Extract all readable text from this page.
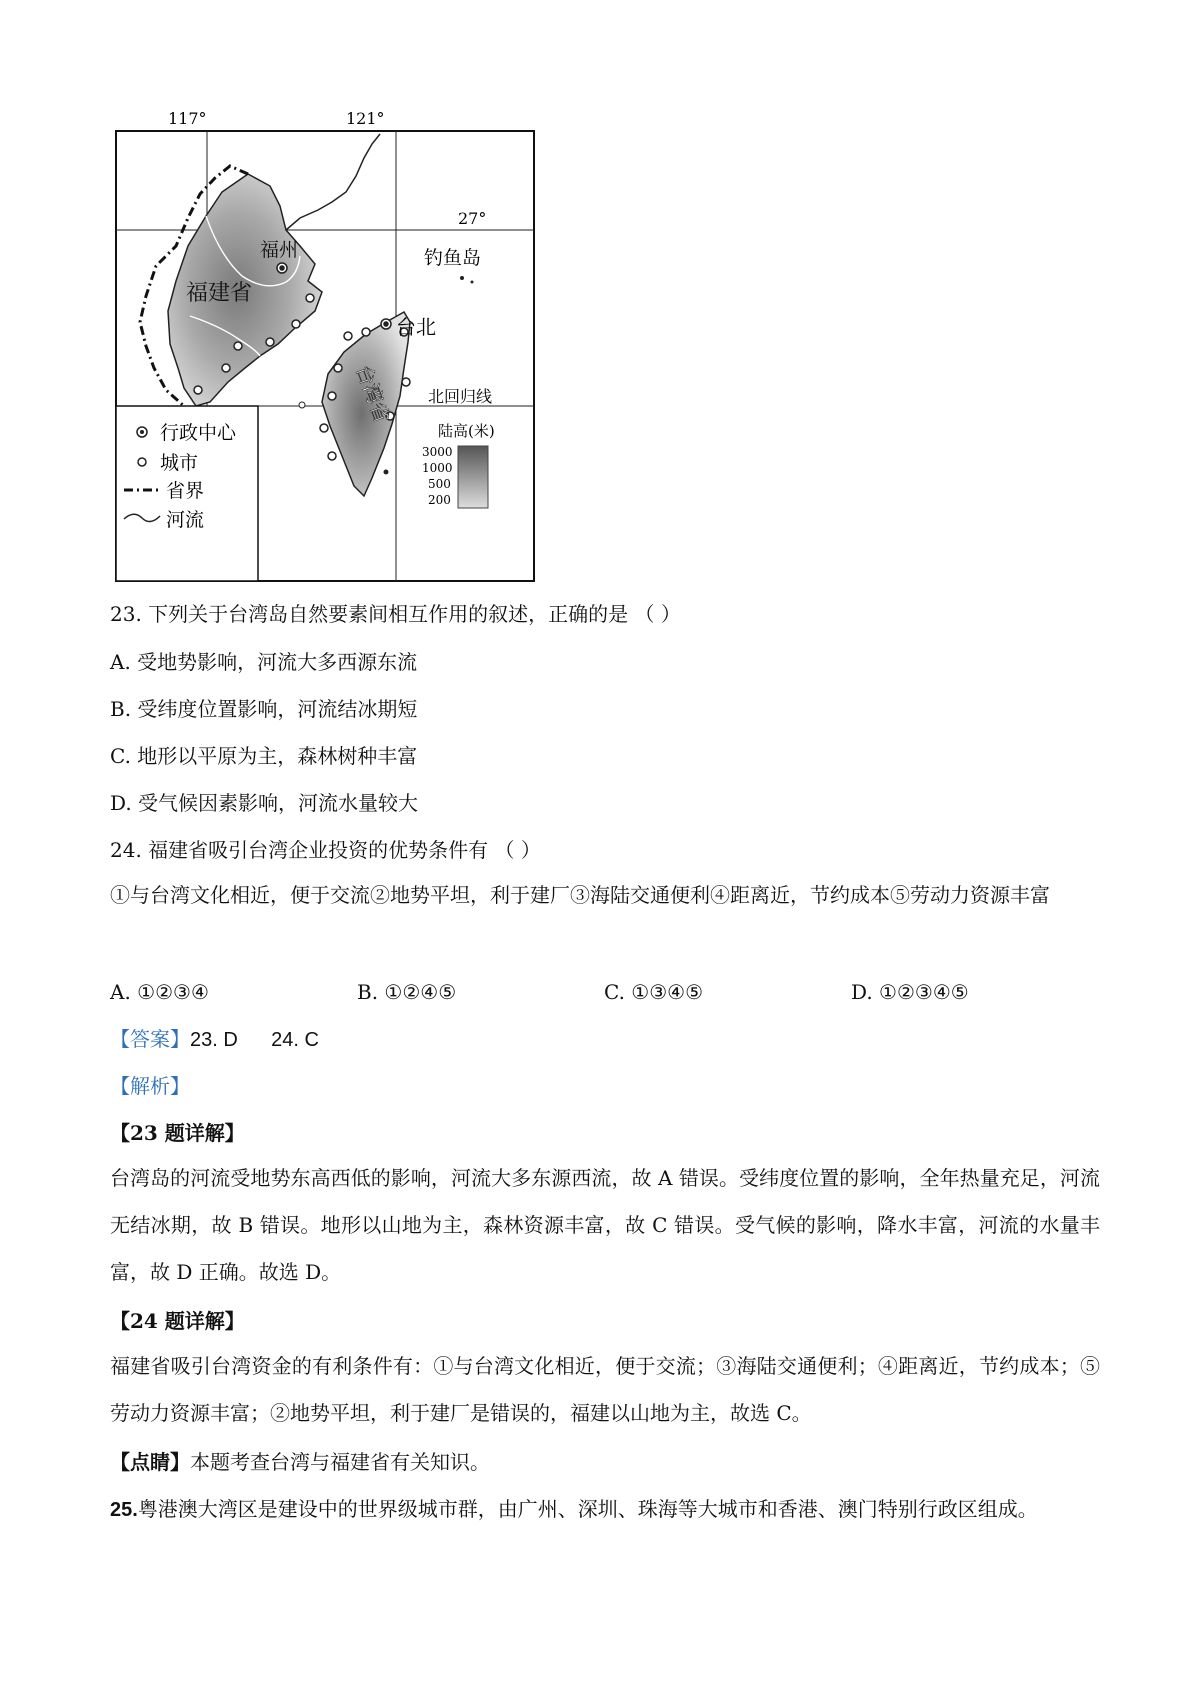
117°	121°
27°
福州
福建省
钓鱼岛
台北
台湾省 北回归线
行政中心
城市
省界
河流
陆高(米)
3000
1000
500
200
23. 下列关于台湾岛自然要素间相互作用的叙述，正确的是 （ ）
A. 受地势影响，河流大多西源东流
B. 受纬度位置影响，河流结冰期短
C. 地形以平原为主，森林树种丰富
D. 受气候因素影响，河流水量较大
24. 福建省吸引台湾企业投资的优势条件有 （ ）
①与台湾文化相近，便于交流②地势平坦，利于建厂③海陆交通便利④距离近，节约成本⑤劳动力资源丰富
A. ①②③④	B. ①②④⑤	C. ①③④⑤	D. ①②③④⑤
【答案】23. D      24. C
【解析】
【23 题详解】
台湾岛的河流受地势东高西低的影响，河流大多东源西流，故 A 错误。受纬度位置的影响，全年热量充足，河流无结冰期，故 B 错误。地形以山地为主，森林资源丰富，故 C 错误。受气候的影响，降水丰富，河流的水量丰富，故 D 正确。故选 D。
【24 题详解】
福建省吸引台湾资金的有利条件有：①与台湾文化相近，便于交流；③海陆交通便利；④距离近，节约成本；⑤劳动力资源丰富；②地势平坦，利于建厂是错误的，福建以山地为主，故选 C。
【点睛】本题考查台湾与福建省有关知识。
25.粤港澳大湾区是建设中的世界级城市群，由广州、深圳、珠海等大城市和香港、澳门特别行政区组成。
